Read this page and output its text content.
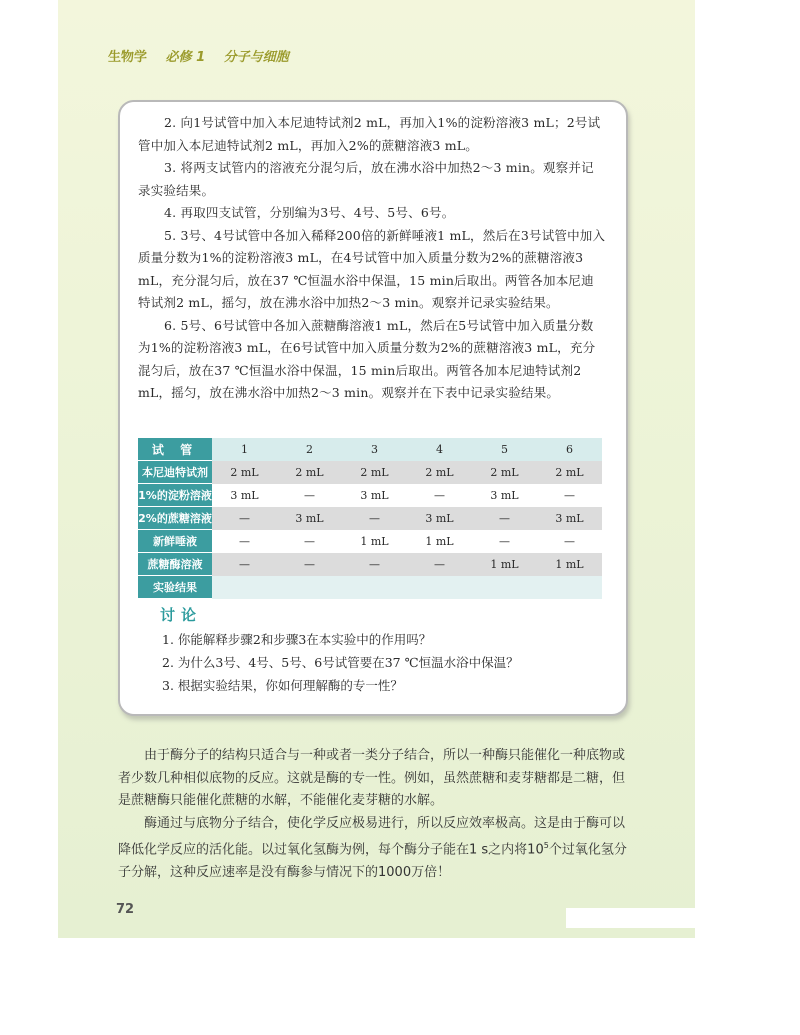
生物学 必修 1 分子与细胞

2. 向1号试管中加入本尼迪特试剂2 mL，再加入1%的淀粉溶液3 mL；2号试管中加入本尼迪特试剂2 mL，再加入2%的蔗糖溶液3 mL。

3. 将两支试管内的溶液充分混匀后，放在沸水浴中加热2～3 min。观察并记录实验结果。

4. 再取四支试管，分别编为3号、4号、5号、6号。

5. 3号、4号试管中各加入稀释200倍的新鲜唾液1 mL，然后在3号试管中加入质量分数为1%的淀粉溶液3 mL，在4号试管中加入质量分数为2%的蔗糖溶液3 mL，充分混匀后，放在37 ℃恒温水浴中保温，15 min后取出。两管各加本尼迪特试剂2 mL，摇匀，放在沸水浴中加热2～3 min。观察并记录实验结果。

6. 5号、6号试管中各加入蔗糖酶溶液1 mL，然后在5号试管中加入质量分数为1%的淀粉溶液3 mL，在6号试管中加入质量分数为2%的蔗糖溶液3 mL，充分混匀后，放在37 ℃恒温水浴中保温，15 min后取出。两管各加本尼迪特试剂2 mL，摇匀，放在沸水浴中加热2～3 min。观察并在下表中记录实验结果。

试 管	1	2	3	4	5	6
本尼迪特试剂	2 mL	2 mL	2 mL	2 mL	2 mL	2 mL
1%的淀粉溶液	3 mL	—	3 mL	—	3 mL	—
2%的蔗糖溶液	—	3 mL	—	3 mL	—	3 mL
新鲜唾液	—	—	1 mL	1 mL	—	—
蔗糖酶溶液	—	—	—	—	1 mL	1 mL
实验结果						
讨论

1. 你能解释步骤2和步骤3在本实验中的作用吗？

2. 为什么3号、4号、5号、6号试管要在37 ℃恒温水浴中保温？

3. 根据实验结果，你如何理解酶的专一性？

由于酶分子的结构只适合与一种或者一类分子结合，所以一种酶只能催化一种底物或者少数几种相似底物的反应。这就是酶的专一性。例如，虽然蔗糖和麦芽糖都是二糖，但是蔗糖酶只能催化蔗糖的水解，不能催化麦芽糖的水解。

酶通过与底物分子结合，使化学反应极易进行，所以反应效率极高。这是由于酶可以降低化学反应的活化能。以过氧化氢酶为例，每个酶分子能在1 s之内将$10^5$个过氧化氢分子分解，这种反应速率是没有酶参与情况下的1000万倍！

72
